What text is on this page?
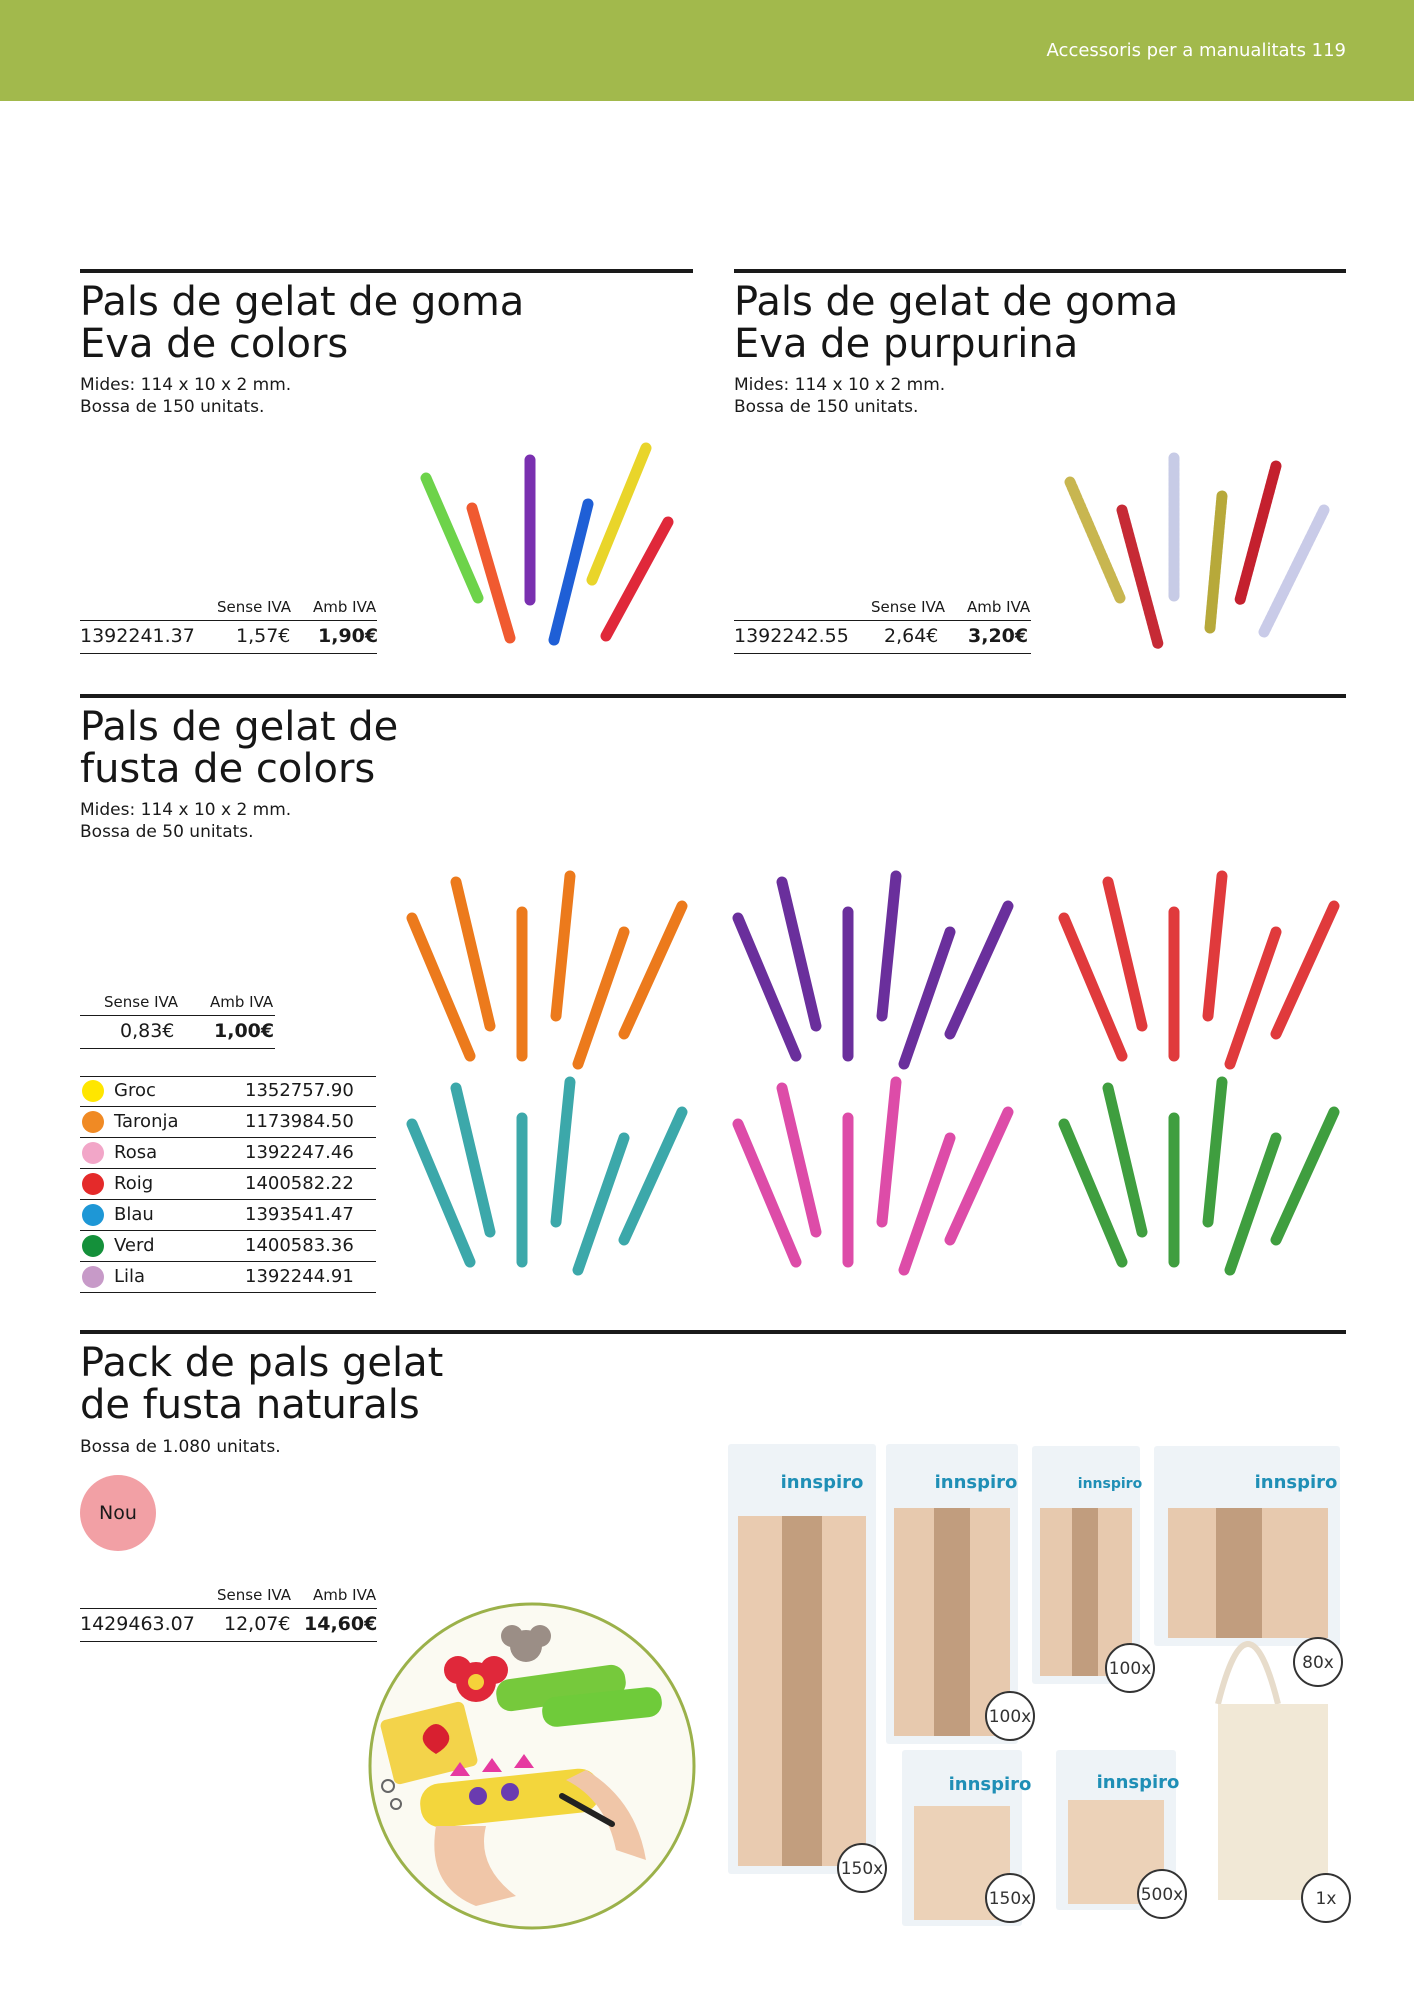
Accessoris per a manualitats 119
Pals de gelat de goma
Eva de colors
Mides: 114 x 10 x 2 mm.
Bossa de 150 unitats.
Sense IVA Amb IVA
1392241.37 1,57€ 1,90€
Pals de gelat de goma
Eva de purpurina
Mides: 114 x 10 x 2 mm.
Bossa de 150 unitats.
Sense IVA Amb IVA
1392242.55 2,64€ 3,20€
Pals de gelat de
fusta de colors
Mides: 114 x 10 x 2 mm.
Bossa de 50 unitats.
Sense IVA Amb IVA
0,83€ 1,00€
Groc	1352757.90
Taronja	1173984.50
Rosa	1392247.46
Roig	1400582.22
Blau	1393541.47
Verd	1400583.36
Lila	1392244.91
Pack de pals gelat
de fusta naturals
Bossa de 1.080 unitats.
Nou
Sense IVA Amb IVA
1429463.07 12,07€ 14,60€
innspiro	innspiro	innspiro	innspiro
innspiro	innspiro
150x
100x
100x	80x
150x	500x	1x
